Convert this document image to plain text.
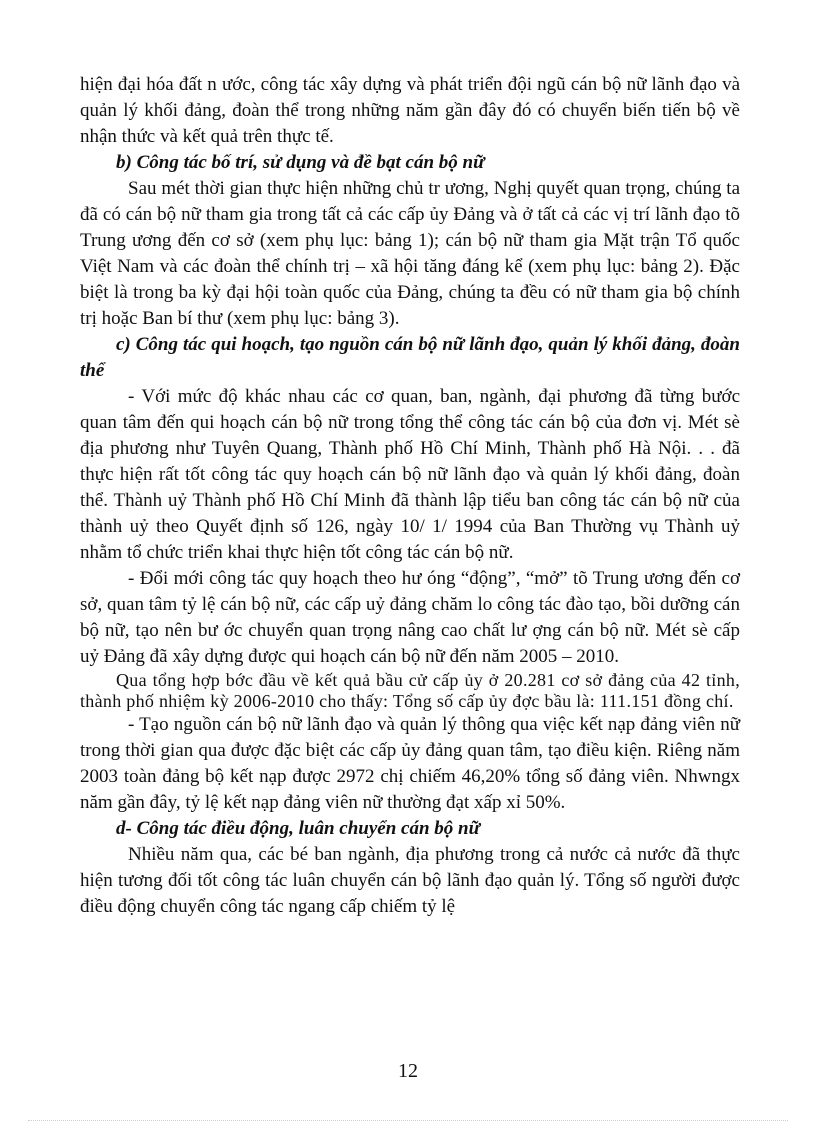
hiện đại hóa đất n ước, công tác xây dựng và phát triển đội ngũ cán bộ nữ lãnh đạo và quản lý khối đảng, đoàn thể trong những năm gần đây đó có chuyển biến tiến bộ về nhận thức và kết quả trên thực tế.

b) Công tác bố trí, sử dụng và đề bạt cán bộ nữ

Sau mét thời gian thực hiện những chủ tr ương, Nghị quyết quan trọng, chúng ta đã có cán bộ nữ tham gia trong tất cả các cấp ủy Đảng và ở tất cả các vị trí lãnh đạo tõ Trung ương đến cơ sở (xem phụ lục: bảng 1); cán bộ nữ tham gia Mặt trận Tổ quốc Việt Nam và các đoàn thể chính trị – xã hội tăng đáng kể (xem phụ lục: bảng 2). Đặc biệt là trong ba kỳ đại hội toàn quốc của Đảng, chúng ta đều có nữ tham gia bộ chính trị hoặc Ban bí thư (xem phụ lục: bảng 3).

c) Công tác qui hoạch, tạo nguồn cán bộ nữ lãnh đạo, quản lý khối đảng, đoàn thể

- Với mức độ khác nhau các cơ quan, ban, ngành, đại phương đã từng bước quan tâm đến qui hoạch cán bộ nữ trong tổng thể công tác cán bộ của đơn vị. Mét sè địa phương như Tuyên Quang, Thành phố Hồ Chí Minh, Thành phố Hà Nội. . . đã thực hiện rất tốt công tác quy hoạch cán bộ nữ lãnh đạo và quản lý khối đảng, đoàn thể. Thành uỷ Thành phố Hồ Chí Minh đã thành lập tiểu ban công tác cán bộ nữ của thành uỷ theo Quyết định số 126, ngày 10/ 1/ 1994 của Ban Thường vụ Thành uỷ nhằm tổ chức triển khai thực hiện tốt công tác cán bộ nữ.

- Đổi mới công tác quy hoạch theo hư óng “động”, “mở” tõ Trung ương đến cơ sở, quan tâm tỷ lệ cán bộ nữ, các cấp uỷ đảng chăm lo công tác đào tạo, bồi dưỡng cán bộ nữ, tạo nên bư ớc chuyển quan trọng nâng cao chất lư ợng cán bộ nữ. Mét sè cấp uỷ Đảng đã xây dựng được qui hoạch cán bộ nữ đến năm 2005 – 2010.

Qua tổng hợp bớc đầu về kết quả bầu cử cấp ủy ở 20.281 cơ sở đảng của 42 tỉnh, thành phố nhiệm kỳ 2006-2010 cho thấy: Tổng số cấp ủy đợc bầu là: 111.151 đồng chí.

- Tạo nguồn cán bộ nữ lãnh đạo và quản lý thông qua việc kết nạp đảng viên nữ trong thời gian qua được đặc biệt các cấp ủy đảng quan tâm, tạo điều kiện. Riêng năm 2003 toàn đảng bộ kết nạp được 2972 chị chiếm 46,20% tổng số đảng viên. Nhwngx năm gần đây, tỷ lệ kết nạp đảng viên nữ thường đạt xấp xỉ 50%.

d- Công tác điều động, luân chuyển cán bộ nữ

Nhiều năm qua, các bé ban ngành, địa phương trong cả nước cả nước đã thực hiện tương đối tốt công tác luân chuyển cán bộ lãnh đạo quản lý. Tổng số người được điều động chuyển công tác ngang cấp chiếm tỷ lệ

12
